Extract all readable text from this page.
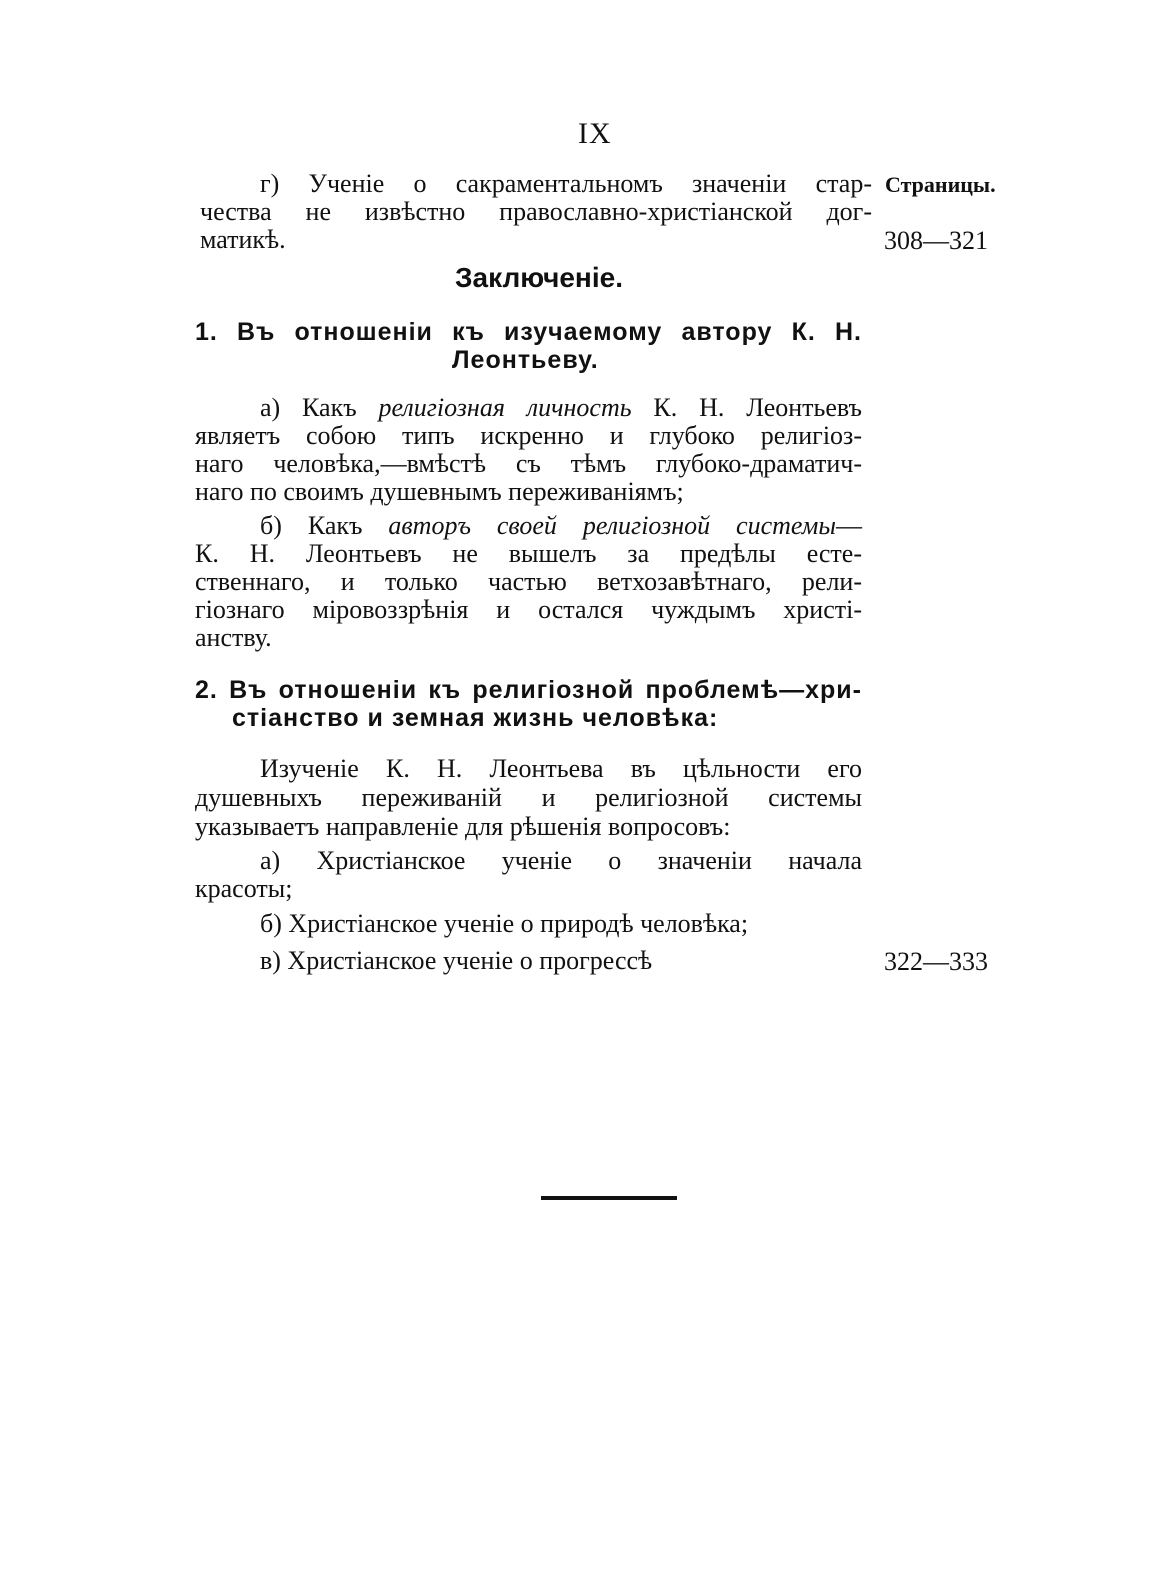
IX
Страницы.
г) Ученіе о сакраментальномъ значеніи стар-
чества не извѣстно православно-христіанской дог-
матикѣ.	308—321
Заключеніе.
1. Въ отношеніи къ изучаемому автору К. Н.
Леонтьеву.
а) Какъ религіозная личность К. Н. Леонтьевъ
являетъ собою типъ искренно и глубоко религіоз-
наго человѣка,—вмѣстѣ съ тѣмъ глубоко-драматич-
наго по своимъ душевнымъ переживаніямъ;
б) Какъ авторъ своей религіозной системы—
К. Н. Леонтьевъ не вышелъ за предѣлы есте-
ственнаго, и только частью ветхозавѣтнаго, рели-
гіознаго міровоззрѣнія и остался чуждымъ христі-
анству.
2. Въ отношеніи къ религіозной проблемѣ—хри-
стіанство и земная жизнь человѣка:
Изученіе К. Н. Леонтьева въ цѣльности его
душевныхъ переживаній и религіозной системы
указываетъ направленіе для рѣшенія вопросовъ:
а) Христіанское ученіе о значеніи начала
красоты;
б) Христіанское ученіе о природѣ человѣка;
в) Христіанское ученіе о прогрессѣ	322—333
